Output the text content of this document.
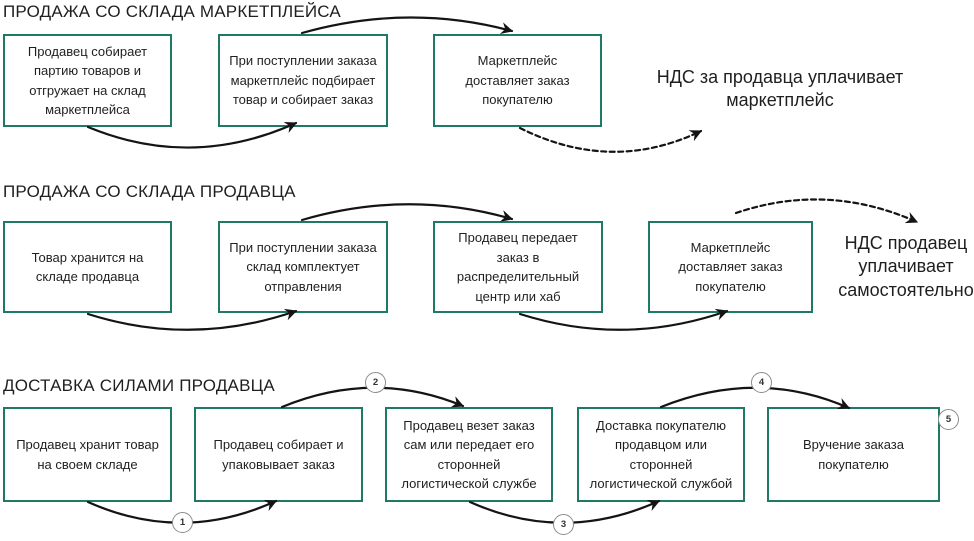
ПРОДАЖА СО СКЛАДА МАРКЕТПЛЕЙСА
Продавец собирает партию товаров и отгружает на склад маркетплейса
При поступлении заказа маркетплейс подбирает товар и собирает заказ
Маркетплейс доставляет заказ покупателю
НДС за продавца уплачивает маркетплейс
ПРОДАЖА СО СКЛАДА ПРОДАВЦА
Товар хранится на складе продавца
При поступлении заказа склад комплектует отправления
Продавец передает заказ в распределительный центр или хаб
Маркетплейс доставляет заказ покупателю
НДС продавец уплачивает самостоятельно
ДОСТАВКА СИЛАМИ ПРОДАВЦА
Продавец хранит товар на своем складе
Продавец собирает и упаковывает заказ
Продавец везет заказ сам или передает его сторонней логистической службе
Доставка покупателю продавцом или сторонней логистической службой
Вручение заказа покупателю
1
2
3
4
5
